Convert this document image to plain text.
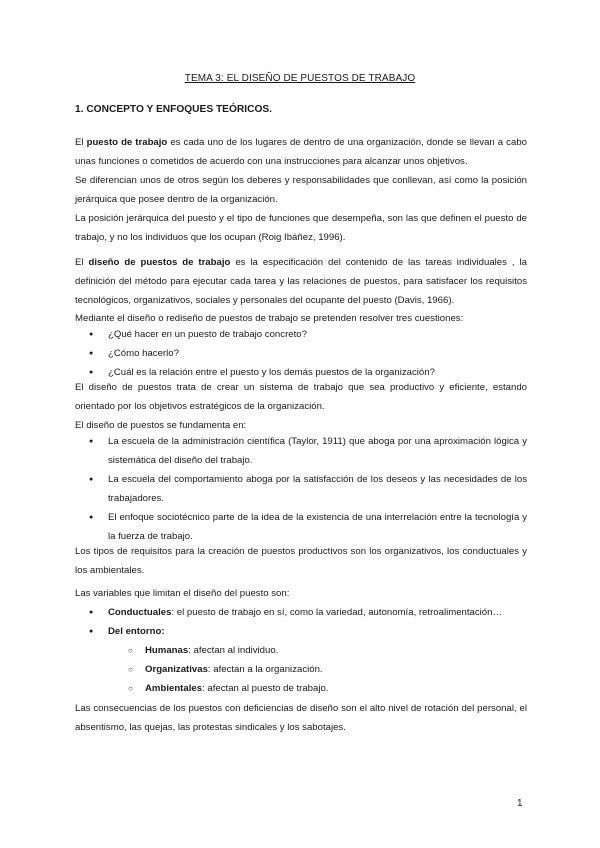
TEMA 3: EL DISEÑO DE PUESTOS DE TRABAJO
1. CONCEPTO Y ENFOQUES TEÓRICOS.

El puesto de trabajo es cada uno de los lugares de dentro de una organización, donde se llevan a cabo unas funciones o cometidos de acuerdo con una instrucciones para alcanzar unos objetivos.

Se diferencian unos de otros según los deberes y responsabilidades que conllevan, así como la posición jerárquica que posee dentro de la organización.

La posición jerárquica del puesto y el tipo de funciones que desempeña, son las que definen el puesto de trabajo, y no los individuos que los ocupan (Roig Ibáñez, 1996).

El diseño de puestos de trabajo es la especificación del contenido de las tareas individuales , la definición del método para ejecutar cada tarea y las relaciones de puestos, para satisfacer los requisitos tecnológicos, organizativos, sociales y personales del ocupante del puesto (Davis, 1966).

Mediante el diseño o rediseño de puestos de trabajo se pretenden resolver tres cuestiones:

● ¿Qué hacer en un puesto de trabajo concreto?
● ¿Cómo hacerlo?
● ¿Cuál es la relación entre el puesto y los demás puestos de la organización?

El diseño de puestos trata de crear un sistema de trabajo que sea productivo y eficiente, estando orientado por los objetivos estratégicos de la organización.

El diseño de puestos se fundamenta en:

● La escuela de la administración científica (Taylor, 1911) que aboga por una aproximación lógica y sistemática del diseño del trabajo.
● La escuela del comportamiento aboga por la satisfacción de los deseos y las necesidades de los trabajadores.
● El enfoque sociotécnico parte de la idea de la existencia de una interrelación entre la tecnología y la fuerza de trabajo.

Los tipos de requisitos para la creación de puestos productivos son los organizativos, los conductuales y los ambientales.

Las variables que limitan el diseño del puesto son:

● Conductuales: el puesto de trabajo en sí, como la variedad, autonomía, retroalimentación…
● Del entorno:
○ Humanas: afectan al individuo.
○ Organizativas: afectan a la organización.
○ Ambientales: afectan al puesto de trabajo.

Las consecuencias de los puestos con deficiencias de diseño son el alto nivel de rotación del personal, el absentismo, las quejas, las protestas sindicales y los sabotajes.

1
